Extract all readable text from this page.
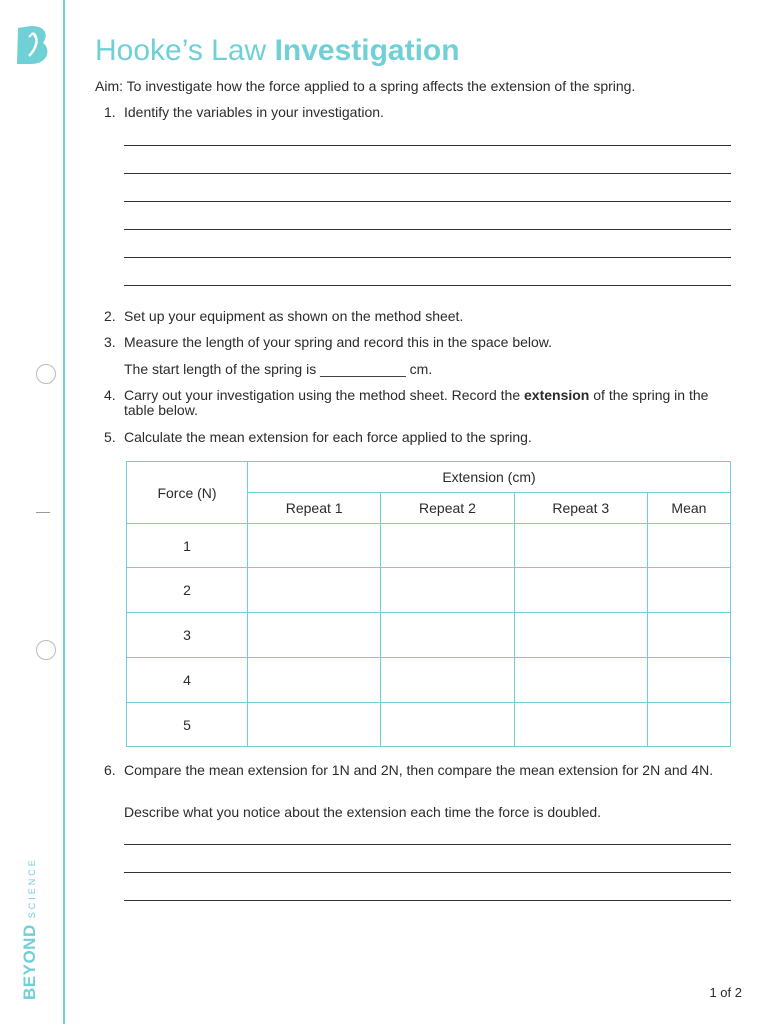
BEYONDSCIENCE
Hooke’s Law Investigation
Aim: To investigate how the force applied to a spring affects the extension of the spring.
1. Identify the variables in your investigation.
2. Set up your equipment as shown on the method sheet.
3. Measure the length of your spring and record this in the space below.
The start length of the spring is ___________ cm.
4. Carry out your investigation using the method sheet. Record the extension of the spring in the table below.
5. Calculate the mean extension for each force applied to the spring.
Force (N)	Extension (cm)			
	Repeat 1	Repeat 2	Repeat 3	Mean
1				
2				
3				
4				
5				
6. Compare the mean extension for 1N and 2N, then compare the mean extension for 2N and 4N.
Describe what you notice about the extension each time the force is doubled.
1 of 2
